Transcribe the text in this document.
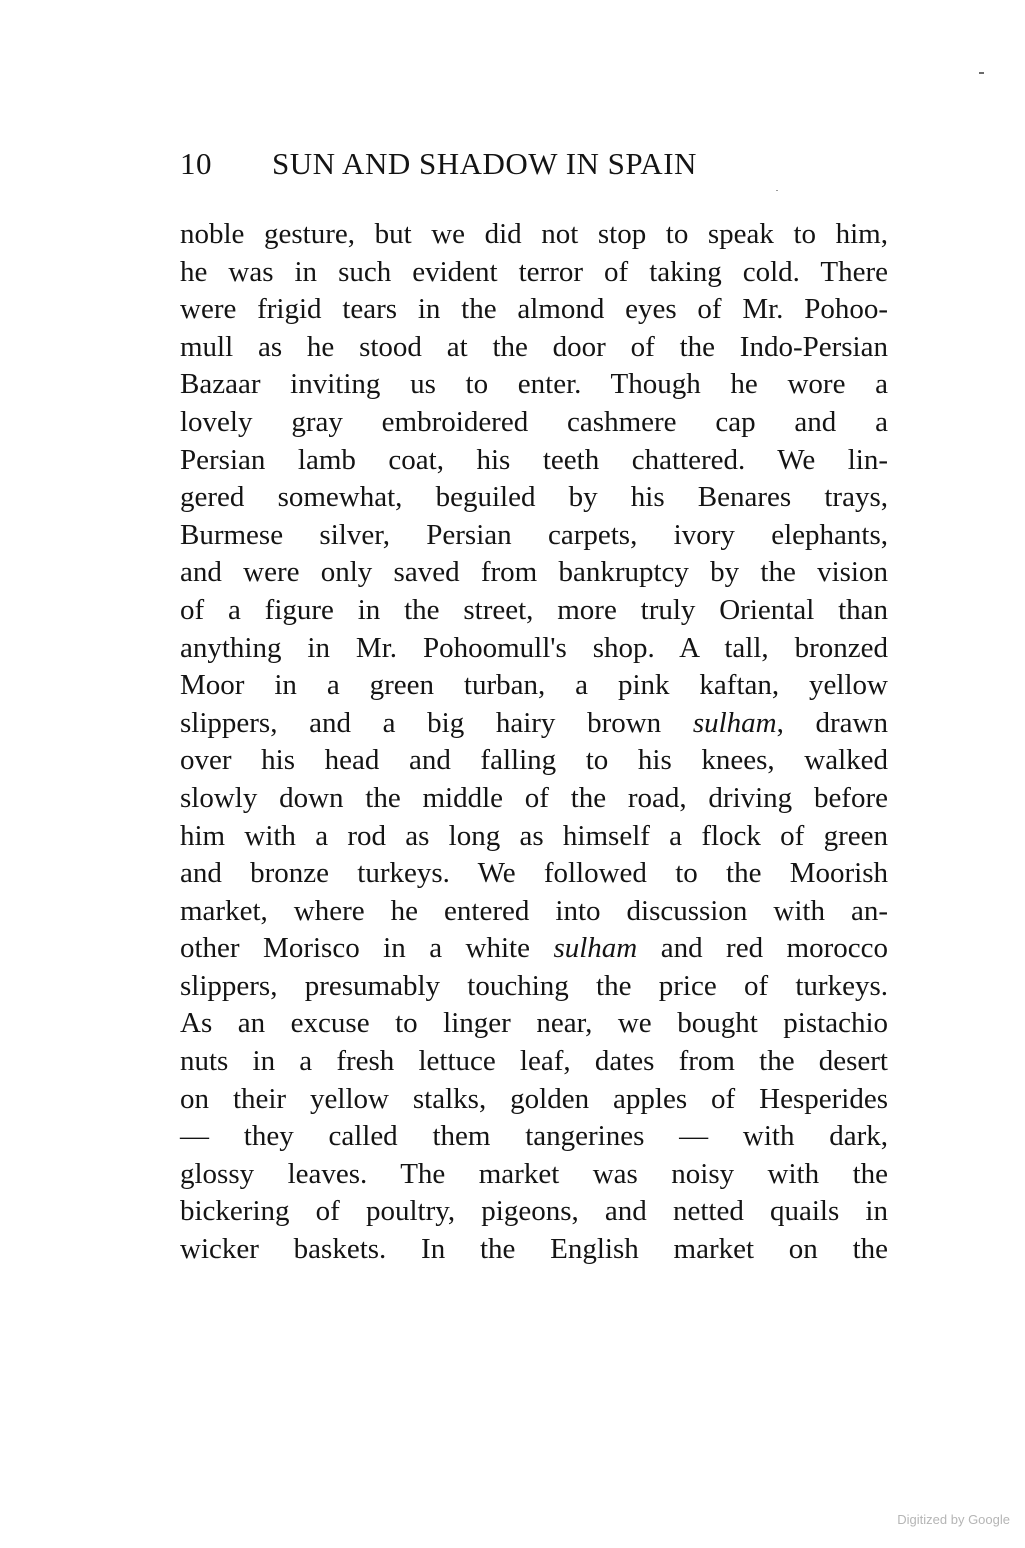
10 SUN AND SHADOW IN SPAIN
noble gesture, but we did not stop to speak to him,
he was in such evident terror of taking cold. There
were frigid tears in the almond eyes of Mr. Pohoo-
mull as he stood at the door of the Indo-Persian
Bazaar inviting us to enter. Though he wore a
lovely gray embroidered cashmere cap and a
Persian lamb coat, his teeth chattered. We lin-
gered somewhat, beguiled by his Benares trays,
Burmese silver, Persian carpets, ivory elephants,
and were only saved from bankruptcy by the vision
of a figure in the street, more truly Oriental than
anything in Mr. Pohoomull's shop. A tall, bronzed
Moor in a green turban, a pink kaftan, yellow
slippers, and a big hairy brown sulham, drawn
over his head and falling to his knees, walked
slowly down the middle of the road, driving before
him with a rod as long as himself a flock of green
and bronze turkeys. We followed to the Moorish
market, where he entered into discussion with an-
other Morisco in a white sulham and red morocco
slippers, presumably touching the price of turkeys.
As an excuse to linger near, we bought pistachio
nuts in a fresh lettuce leaf, dates from the desert
on their yellow stalks, golden apples of Hesperides
— they called them tangerines — with dark,
glossy leaves. The market was noisy with the
bickering of poultry, pigeons, and netted quails in
wicker baskets. In the English market on the
Digitized by Google
